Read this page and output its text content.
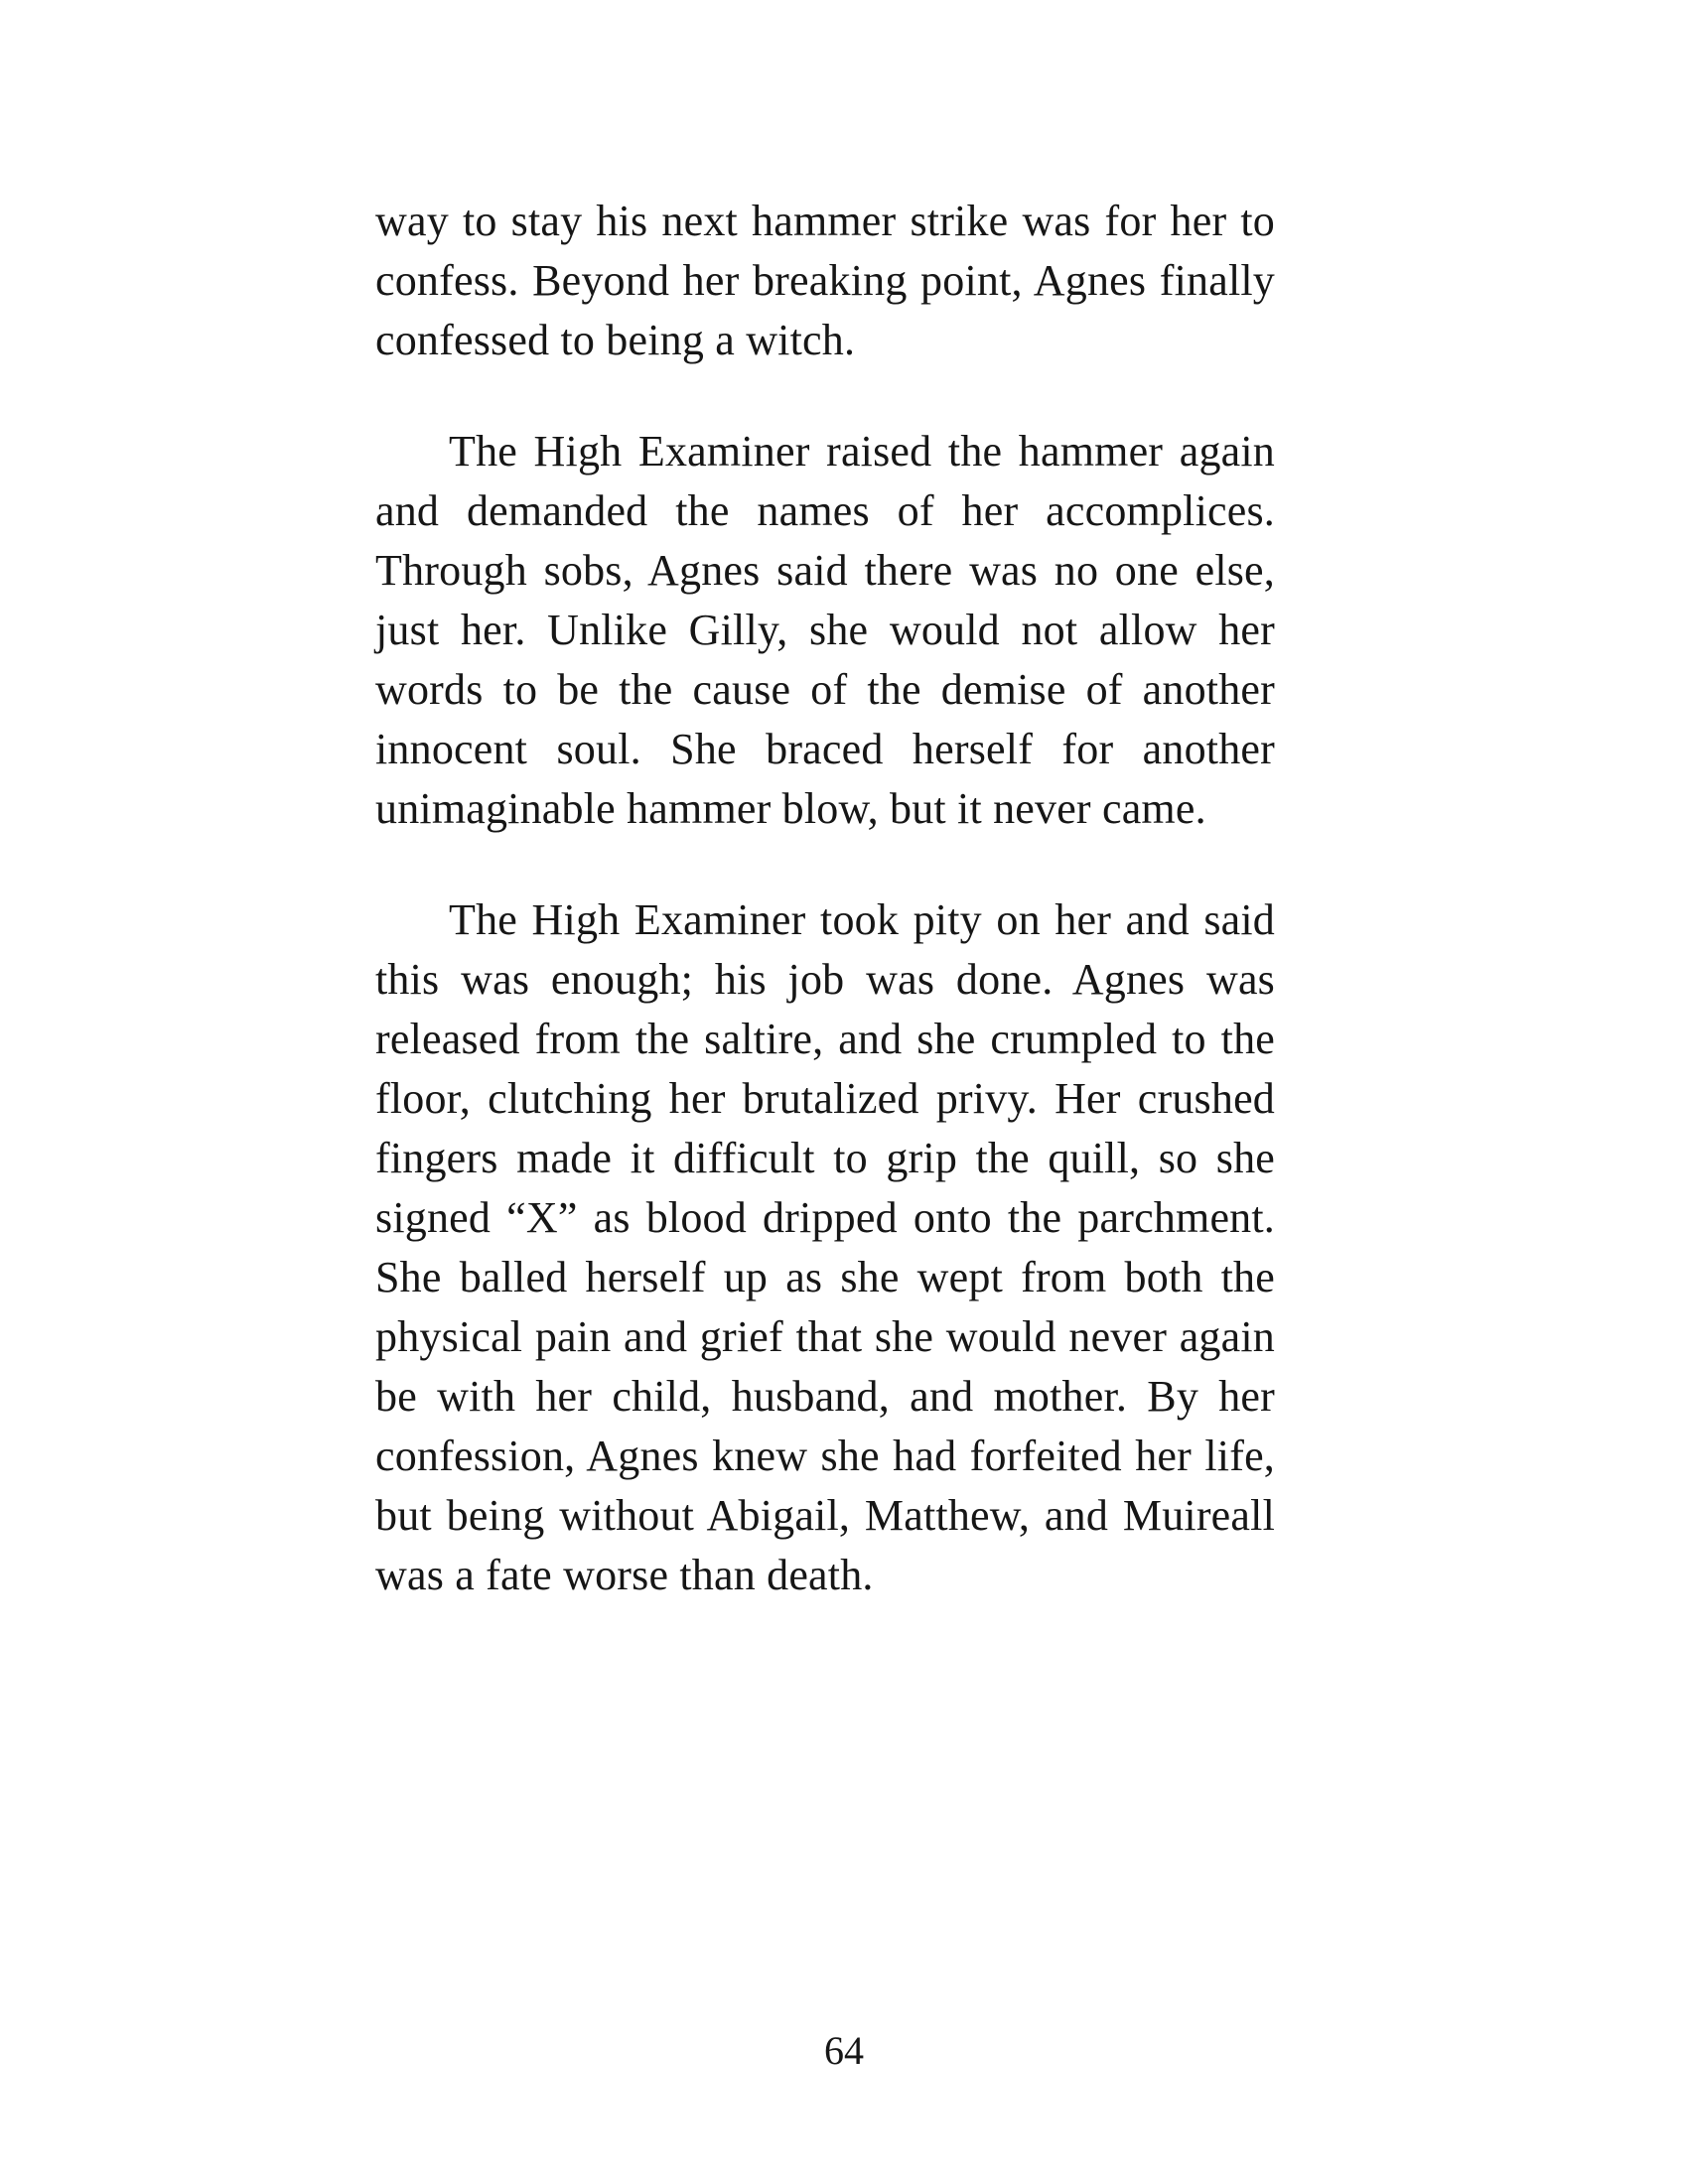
way to stay his next hammer strike was for her to confess. Beyond her breaking point, Agnes finally confessed to being a witch.

The High Examiner raised the hammer again and demanded the names of her accomplices. Through sobs, Agnes said there was no one else, just her. Unlike Gilly, she would not allow her words to be the cause of the demise of another innocent soul. She braced herself for another unimaginable hammer blow, but it never came.

The High Examiner took pity on her and said this was enough; his job was done. Agnes was released from the saltire, and she crumpled to the floor, clutching her brutalized privy. Her crushed fingers made it difficult to grip the quill, so she signed “X” as blood dripped onto the parchment. She balled herself up as she wept from both the physical pain and grief that she would never again be with her child, husband, and mother. By her confession, Agnes knew she had forfeited her life, but being without Abigail, Matthew, and Muireall was a fate worse than death.

64
